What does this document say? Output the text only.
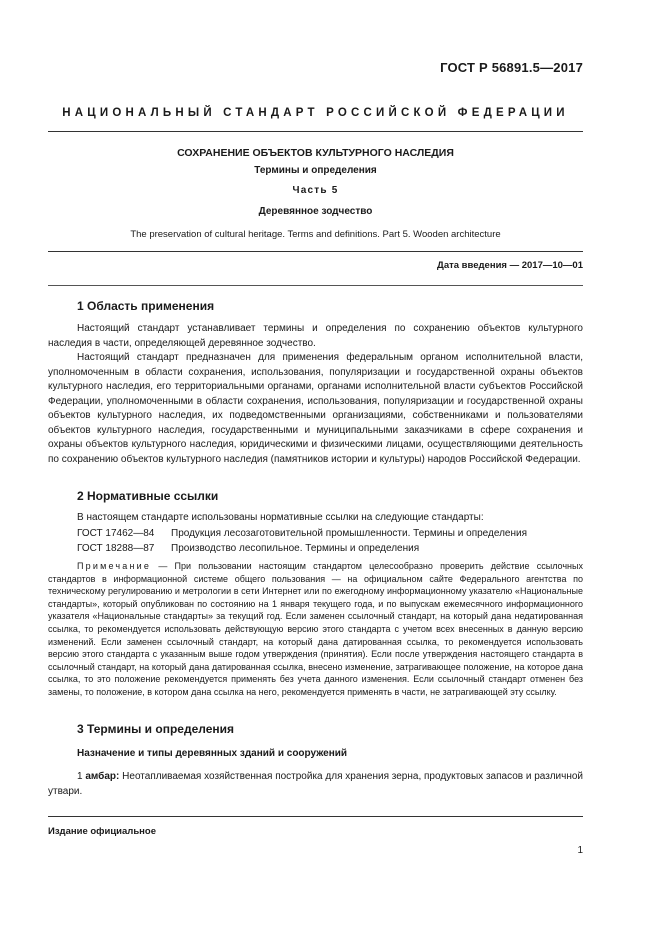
ГОСТ Р 56891.5—2017
НАЦИОНАЛЬНЫЙ СТАНДАРТ РОССИЙСКОЙ ФЕДЕРАЦИИ
СОХРАНЕНИЕ ОБЪЕКТОВ КУЛЬТУРНОГО НАСЛЕДИЯ
Термины и определения
Часть 5
Деревянное зодчество
The preservation of cultural heritage. Terms and definitions. Part 5. Wooden architecture
Дата введения — 2017—10—01
1 Область применения

Настоящий стандарт устанавливает термины и определения по сохранению объектов культурного наследия в части, определяющей деревянное зодчество.

Настоящий стандарт предназначен для применения федеральным органом исполнительной власти, уполномоченным в области сохранения, использования, популяризации и государственной охраны объектов культурного наследия, его территориальными органами, органами исполнительной власти субъектов Российской Федерации, уполномоченными в области сохранения, использования, популяризации и государственной охраны объектов культурного наследия, их подведомственными организациями, собственниками и пользователями объектов культурного наследия, государственными и муниципальными заказчиками в сфере сохранения и охраны объектов культурного наследия, юридическими и физическими лицами, осуществляющими деятельность по сохранению объектов культурного наследия (памятников истории и культуры) народов Российской Федерации.

2 Нормативные ссылки

В настоящем стандарте использованы нормативные ссылки на следующие стандарты:

ГОСТ 17462—84 Продукция лесозаготовительной промышленности. Термины и определения
ГОСТ 18288—87 Производство лесопильное. Термины и определения

Примечание — При пользовании настоящим стандартом целесообразно проверить действие ссылочных стандартов в информационной системе общего пользования — на официальном сайте Федерального агентства по техническому регулированию и метрологии в сети Интернет или по ежегодному информационному указателю «Национальные стандарты», который опубликован по состоянию на 1 января текущего года, и по выпускам ежемесячного информационного указателя «Национальные стандарты» за текущий год. Если заменен ссылочный стандарт, на который дана недатированная ссылка, то рекомендуется использовать действующую версию этого стандарта с учетом всех внесенных в данную версию изменений. Если заменен ссылочный стандарт, на который дана датированная ссылка, то рекомендуется использовать версию этого стандарта с указанным выше годом утверждения (принятия). Если после утверждения настоящего стандарта в ссылочный стандарт, на который дана датированная ссылка, внесено изменение, затрагивающее положение, на которое дана ссылка, то это положение рекомендуется применять без учета данного изменения. Если ссылочный стандарт отменен без замены, то положение, в котором дана ссылка на него, рекомендуется применять в части, не затрагивающей эту ссылку.

3 Термины и определения
Назначение и типы деревянных зданий и сооружений

1 амбар: Неотапливаемая хозяйственная постройка для хранения зерна, продуктовых запасов и различной утвари.

Издание официальное
1
